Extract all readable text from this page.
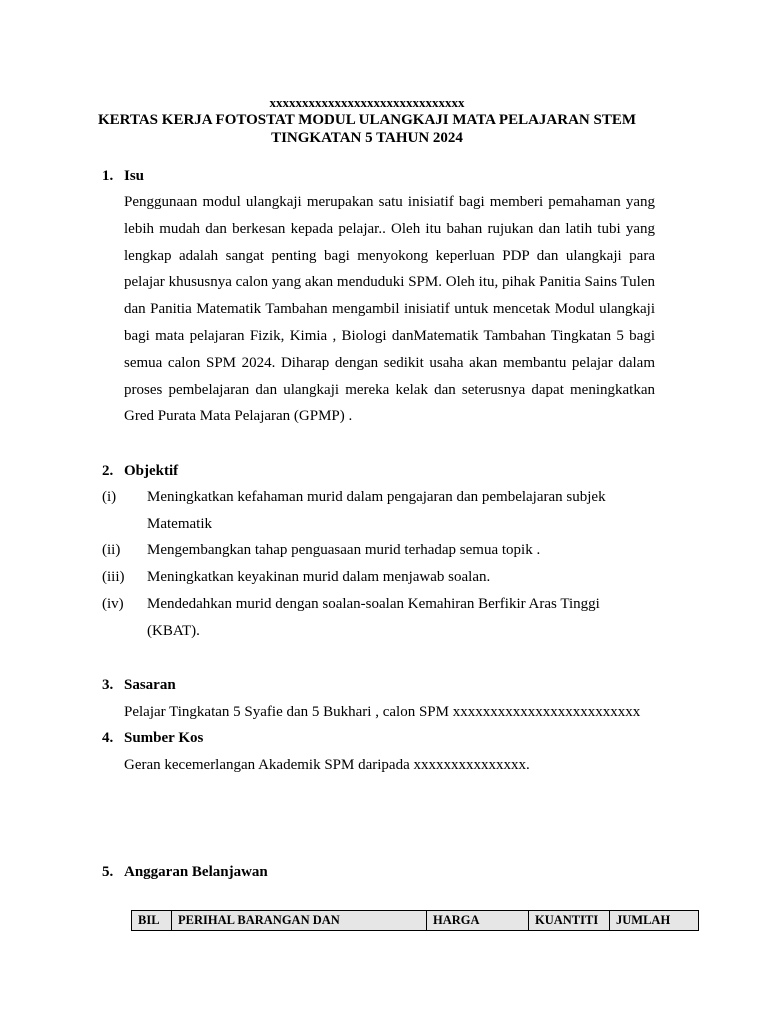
xxxxxxxxxxxxxxxxxxxxxxxxxxxxxx
KERTAS KERJA FOTOSTAT MODUL ULANGKAJI MATA PELAJARAN STEM
TINGKATAN 5 TAHUN 2024
1. Isu
Penggunaan modul ulangkaji merupakan satu inisiatif bagi memberi pemahaman yang lebih mudah dan berkesan kepada pelajar.. Oleh itu bahan rujukan dan latih tubi yang lengkap adalah sangat penting bagi menyokong keperluan PDP dan ulangkaji para pelajar khususnya calon yang akan menduduki SPM. Oleh itu, pihak Panitia Sains Tulen dan Panitia Matematik Tambahan mengambil inisiatif untuk mencetak Modul ulangkaji bagi mata pelajaran Fizik, Kimia , Biologi danMatematik Tambahan Tingkatan 5 bagi semua calon SPM 2024. Diharap dengan sedikit usaha akan membantu pelajar dalam proses pembelajaran dan ulangkaji mereka kelak dan seterusnya dapat meningkatkan Gred Purata Mata Pelajaran (GPMP) .
2. Objektif
(i) Meningkatkan kefahaman murid dalam pengajaran dan pembelajaran subjek Matematik
(ii) Mengembangkan tahap penguasaan murid terhadap semua topik .
(iii) Meningkatkan keyakinan murid dalam menjawab soalan.
(iv) Mendedahkan murid dengan soalan-soalan Kemahiran Berfikir Aras Tinggi (KBAT).
3. Sasaran
Pelajar Tingkatan 5 Syafie dan 5 Bukhari , calon SPM xxxxxxxxxxxxxxxxxxxxxxxxx
4. Sumber Kos
Geran kecemerlangan Akademik SPM daripada xxxxxxxxxxxxxxx.
5. Anggaran Belanjawan
BIL	PERIHAL BARANGAN DAN	HARGA	KUANTITI	JUMLAH
